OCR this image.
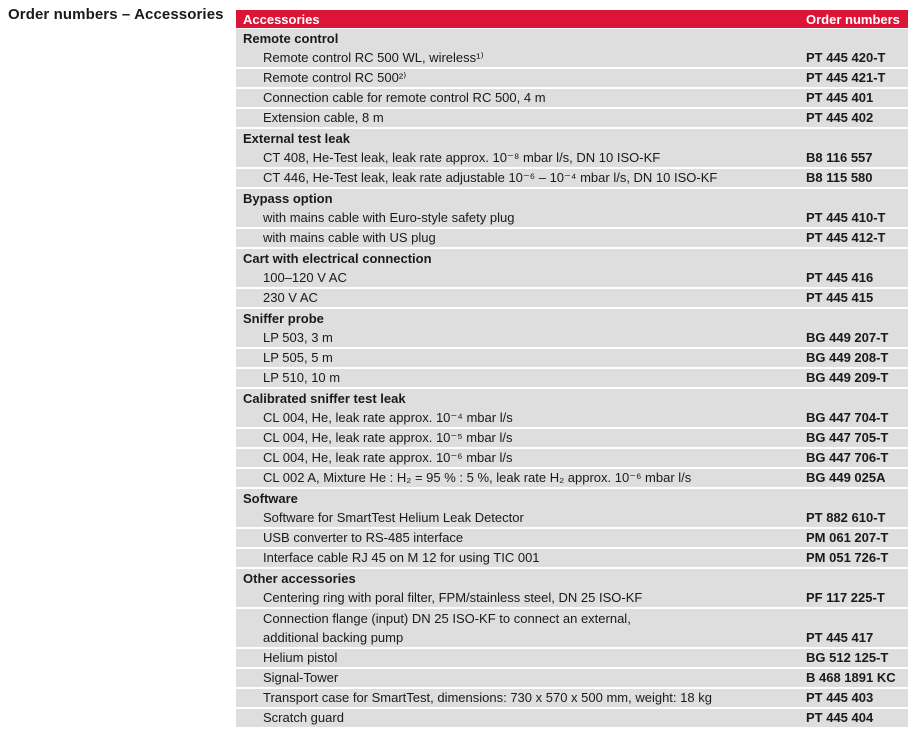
Order numbers – Accessories	Accessories	Order numbers
Remote control
Remote control RC 500 WL, wireless¹⁾	PT 445 420-T
Remote control RC 500²⁾	PT 445 421-T
Connection cable for remote control RC 500, 4 m	PT 445 401
Extension cable, 8 m	PT 445 402
External test leak
CT 408, He-Test leak, leak rate approx. 10⁻⁸ mbar l/s, DN 10 ISO-KF	B8 116 557
CT 446, He-Test leak, leak rate adjustable 10⁻⁶ – 10⁻⁴ mbar l/s, DN 10 ISO-KF	B8 115 580
Bypass option
with mains cable with Euro-style safety plug	PT 445 410-T
with mains cable with US plug	PT 445 412-T
Cart with electrical connection
100–120 V AC	PT 445 416
230 V AC	PT 445 415
Sniffer probe
LP 503, 3 m	BG 449 207-T
LP 505, 5 m	BG 449 208-T
LP 510, 10 m	BG 449 209-T
Calibrated sniffer test leak
CL 004, He, leak rate approx. 10⁻⁴ mbar l/s	BG 447 704-T
CL 004, He, leak rate approx. 10⁻⁵ mbar l/s	BG 447 705-T
CL 004, He, leak rate approx. 10⁻⁶ mbar l/s	BG 447 706-T
CL 002 A, Mixture He : H₂ = 95 % : 5 %, leak rate H₂ approx. 10⁻⁶ mbar l/s	BG 449 025A
Software
Software for SmartTest Helium Leak Detector	PT 882 610-T
USB converter to RS-485 interface	PM 061 207-T
Interface cable RJ 45 on M 12 for using TIC 001	PM 051 726-T
Other accessories
Centering ring with poral filter, FPM/stainless steel, DN 25 ISO-KF	PF 117 225-T
Connection flange (input) DN 25 ISO-KF to connect an external,
additional backing pump	PT 445 417
Helium pistol	BG 512 125-T
Signal-Tower	B 468 1891 KC
Transport case for SmartTest, dimensions: 730 x 570 x 500 mm, weight: 18 kg	PT 445 403
Scratch guard	PT 445 404
